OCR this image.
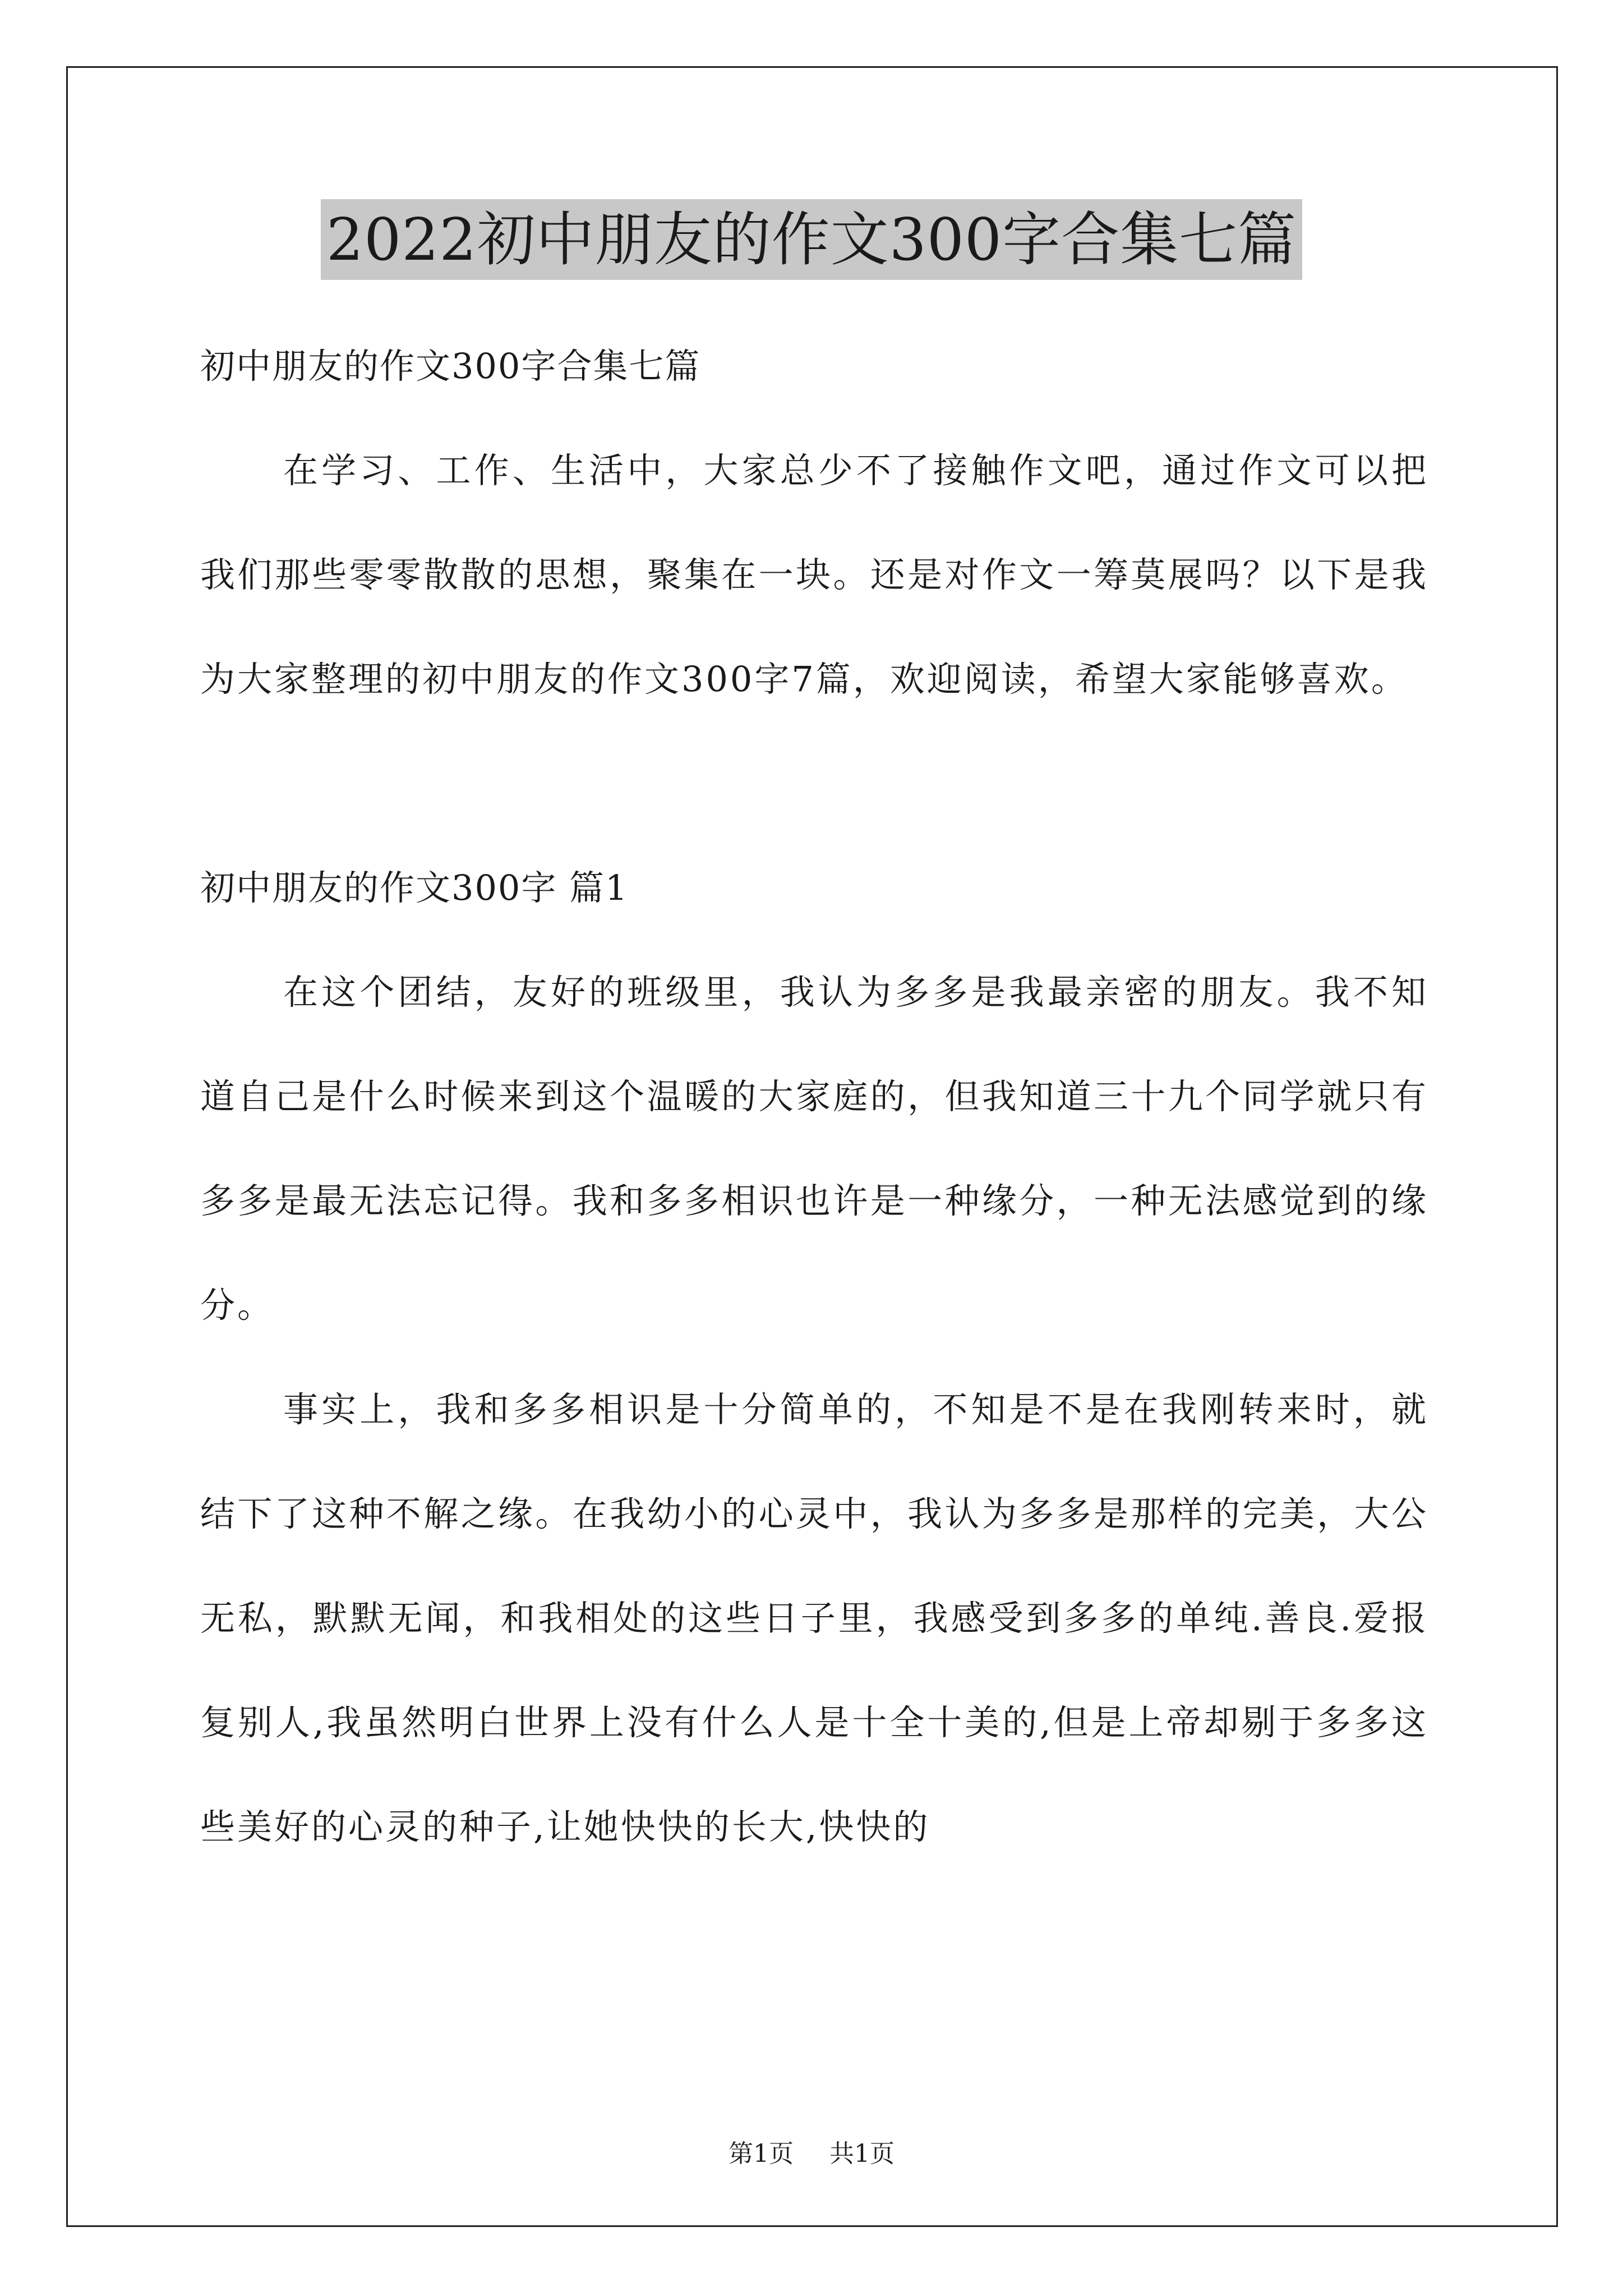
2022初中朋友的作文300字合集七篇

初中朋友的作文300字合集七篇

在学习、工作、生活中，大家总少不了接触作文吧，通过作文可以把我们那些零零散散的思想，聚集在一块。还是对作文一筹莫展吗？以下是我为大家整理的初中朋友的作文300字7篇，欢迎阅读，希望大家能够喜欢。

初中朋友的作文300字 篇1

在这个团结，友好的班级里，我认为多多是我最亲密的朋友。我不知道自己是什么时候来到这个温暖的大家庭的，但我知道三十九个同学就只有多多是最无法忘记得。我和多多相识也许是一种缘分，一种无法感觉到的缘分。

事实上，我和多多相识是十分简单的，不知是不是在我刚转来时，就结下了这种不解之缘。在我幼小的心灵中，我认为多多是那样的完美，大公无私，默默无闻，和我相处的这些日子里，我感受到多多的单纯.善良.爱报复别人,我虽然明白世界上没有什么人是十全十美的,但是上帝却剔于多多这些美好的心灵的种子,让她快快的长大,快快的

第1页 共1页
